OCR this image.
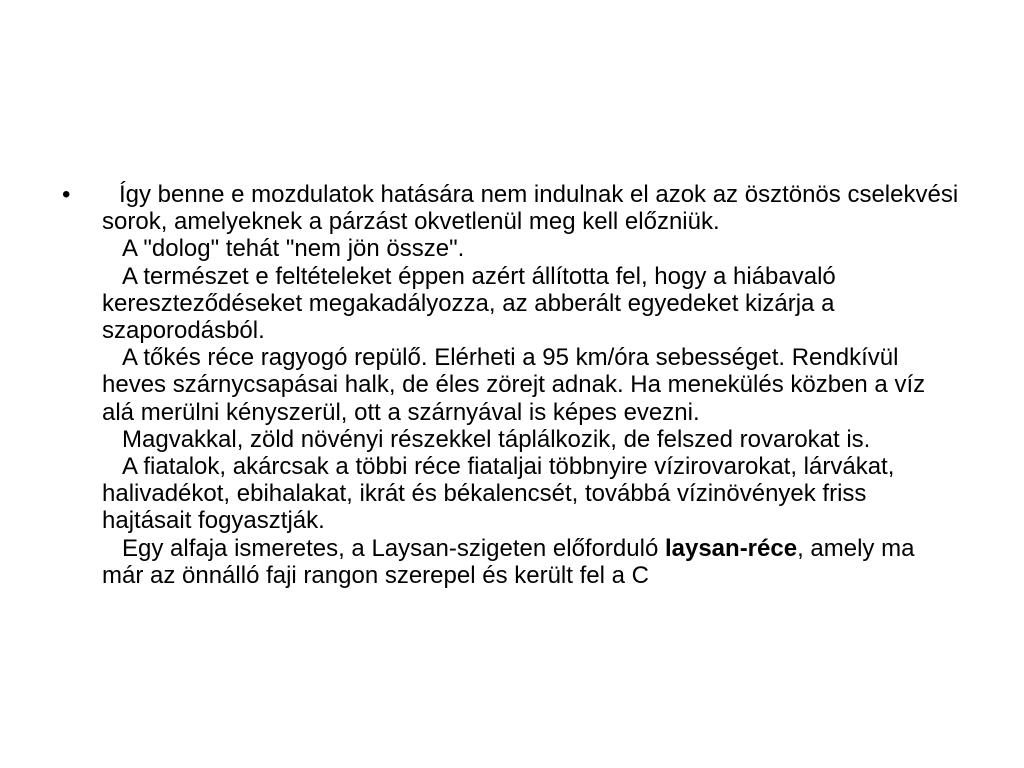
•	Így benne e mozdulatok hatására nem indulnak el azok az ösztönös cselekvési sorok, amelyeknek a párzást okvetlenül meg kell előzniük.
A "dolog" tehát "nem jön össze".
A természet e feltételeket éppen azért állította fel, hogy a hiábavaló kereszteződéseket megakadályozza, az abberált egyedeket kizárja a szaporodásból.
A tőkés réce ragyogó repülő. Elérheti a 95 km/óra sebességet. Rendkívül heves szárnycsapásai halk, de éles zörejt adnak. Ha menekülés közben a víz alá merülni kényszerül, ott a szárnyával is képes evezni.
Magvakkal, zöld növényi részekkel táplálkozik, de felszed rovarokat is.
A fiatalok, akárcsak a többi réce fiataljai többnyire vízirovarokat, lárvákat, halivadékot, ebihalakat, ikrát és békalencsét, továbbá vízinövények friss hajtásait fogyasztják.
Egy alfaja ismeretes, a Laysan-szigeten előforduló laysan-réce, amely ma már az önnálló faji rangon szerepel és került fel a C
